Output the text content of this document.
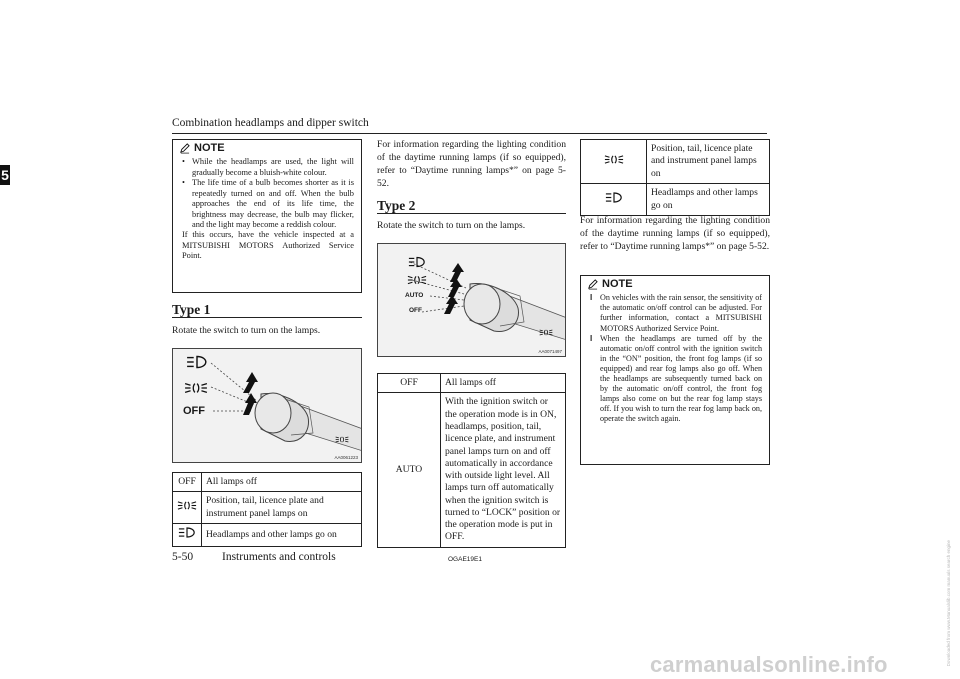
Combination headlamps and dipper switch
5
NOTE
• While the headlamps are used, the light will gradually become a bluish-white colour.

• The life time of a bulb becomes shorter as it is repeatedly turned on and off. When the bulb approaches the end of its life time, the brightness may decrease, the bulb may flicker, and the light may become a reddish colour.

If this occurs, have the vehicle inspected at a MITSUBISHI MOTORS Authorized Service Point.

Type 1
Rotate the switch to turn on the lamps.
OFF
AA0061223
OFF	All lamps off
	Position, tail, licence plate and instrument panel lamps on
	Headlamps and other lamps go on
For information regarding the lighting condition of the daytime running lamps (if so equipped), refer to “Daytime running lamps*” on page 5-52.
Type 2
Rotate the switch to turn on the lamps.
AUTO
OFF
AA0071497
OFF	All lamps off
AUTO	With the ignition switch or the operation mode is in ON, headlamps, position, tail, licence plate, and instrument panel lamps turn on and off automatically in accordance with outside light level. All lamps turn off automatically when the ignition switch is turned to “LOCK” position or the operation mode is put in OFF.
	Position, tail, licence plate and instrument panel lamps on
	Headlamps and other lamps go on
For information regarding the lighting condition of the daytime running lamps (if so equipped), refer to “Daytime running lamps*” on page 5-52.
NOTE
l On vehicles with the rain sensor, the sensitivity of the automatic on/off control can be adjusted. For further information, contact a MITSUBISHI MOTORS Authorized Service Point.

l When the headlamps are turned off by the automatic on/off control with the ignition switch in the “ON” position, the front fog lamps (if so equipped) and rear fog lamps also go off. When the headlamps are subsequently turned back on by the automatic on/off control, the front fog lamps also come on but the rear fog lamp stays off. If you wish to turn the rear fog lamp back on, operate the switch again.

5-50	Instruments and controls	OGAE19E1
carmanualsonline.info	Downloaded from www.Manualslib.com manuals search engine
